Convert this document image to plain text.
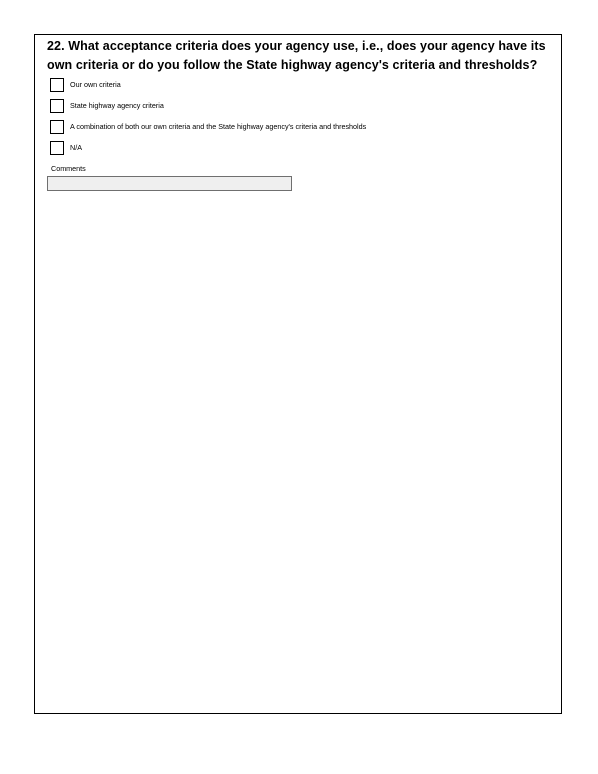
22. What acceptance criteria does your agency use, i.e., does your agency have its own criteria or do you follow the State highway agency's criteria and thresholds?
Our own criteria
State highway agency criteria
A combination of both our own criteria and the State highway agency's criteria and thresholds
N/A
Comments
